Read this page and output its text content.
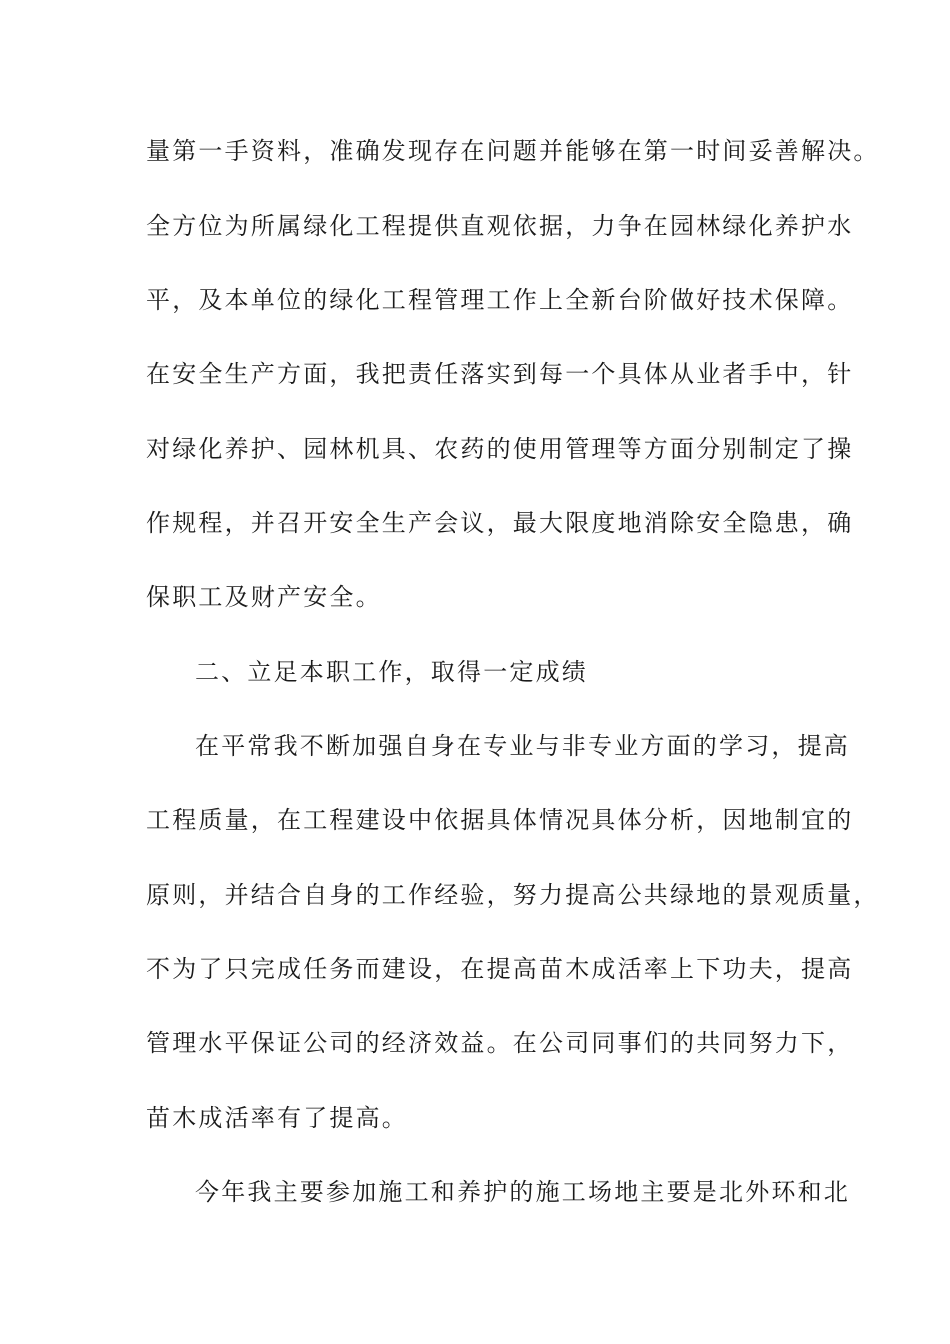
量第一手资料，准确发现存在问题并能够在第一时间妥善解决。
全方位为所属绿化工程提供直观依据，力争在园林绿化养护水
平，及本单位的绿化工程管理工作上全新台阶做好技术保障。
在安全生产方面，我把责任落实到每一个具体从业者手中，针
对绿化养护、园林机具、农药的使用管理等方面分别制定了操
作规程，并召开安全生产会议，最大限度地消除安全隐患，确
保职工及财产安全。
二、立足本职工作，取得一定成绩
在平常我不断加强自身在专业与非专业方面的学习，提高
工程质量，在工程建设中依据具体情况具体分析，因地制宜的
原则，并结合自身的工作经验，努力提高公共绿地的景观质量，
不为了只完成任务而建设，在提高苗木成活率上下功夫，提高
管理水平保证公司的经济效益。在公司同事们的共同努力下，
苗木成活率有了提高。
今年我主要参加施工和养护的施工场地主要是北外环和北
